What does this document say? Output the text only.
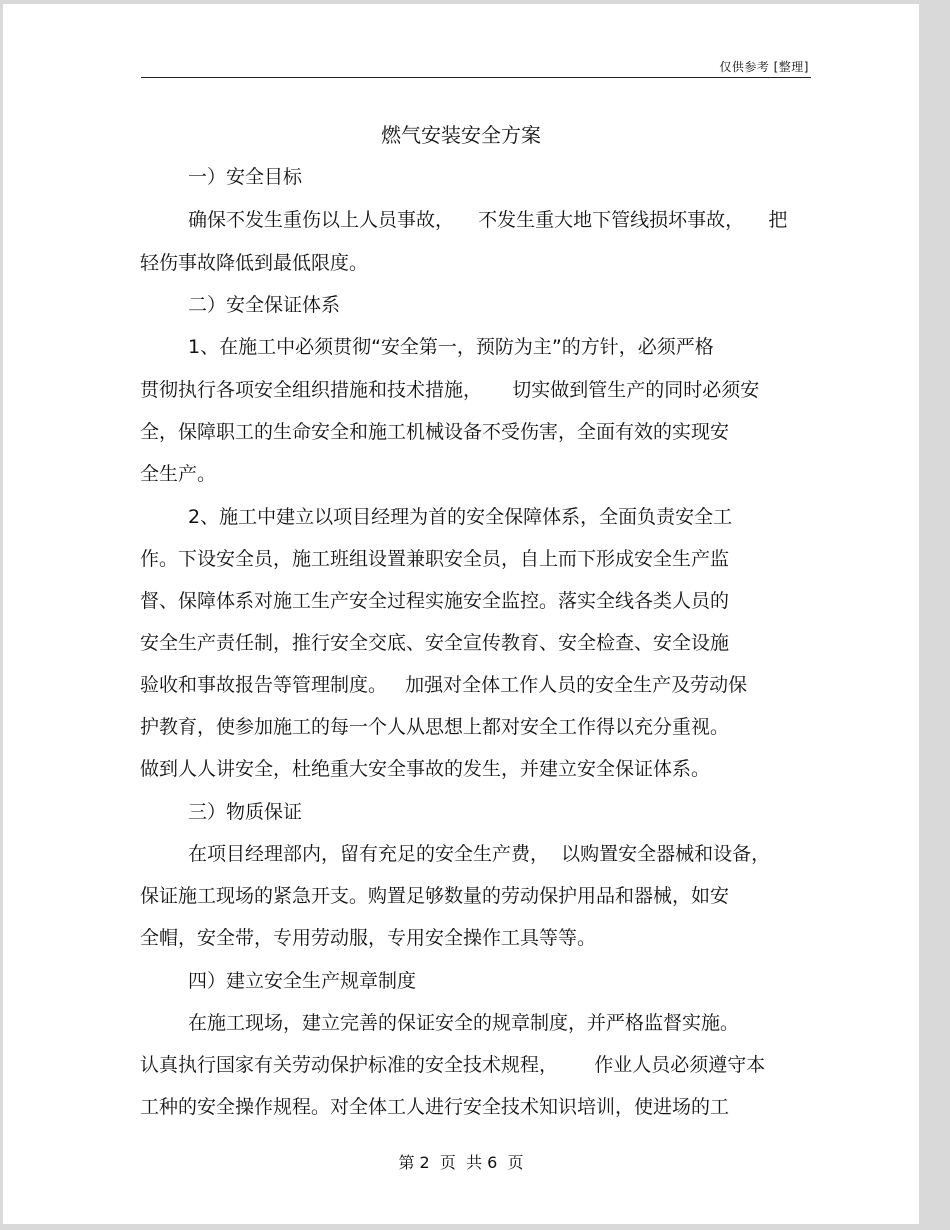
仅供参考 [整理]
燃气安装安全方案
一）安全目标
确保不发生重伤以上人员事故，    不发生重大地下管线损坏事故，    把
轻伤事故降低到最低限度。
二）安全保证体系
1、在施工中必须贯彻“安全第一，预防为主”的方针，必须严格
贯彻执行各项安全组织措施和技术措施，     切实做到管生产的同时必须安
全，保障职工的生命安全和施工机械设备不受伤害，全面有效的实现安
全生产。
2、施工中建立以项目经理为首的安全保障体系，全面负责安全工
作。下设安全员，施工班组设置兼职安全员，自上而下形成安全生产监
督、保障体系对施工生产安全过程实施安全监控。落实全线各类人员的
安全生产责任制，推行安全交底、安全宣传教育、安全检查、安全设施
验收和事故报告等管理制度。   加强对全体工作人员的安全生产及劳动保
护教育，使参加施工的每一个人从思想上都对安全工作得以充分重视。
做到人人讲安全，杜绝重大安全事故的发生，并建立安全保证体系。
三）物质保证
在项目经理部内，留有充足的安全生产费，  以购置安全器械和设备，
保证施工现场的紧急开支。购置足够数量的劳动保护用品和器械，如安
全帽，安全带，专用劳动服，专用安全操作工具等等。
四）建立安全生产规章制度
在施工现场，建立完善的保证安全的规章制度，并严格监督实施。
认真执行国家有关劳动保护标准的安全技术规程，      作业人员必须遵守本
工种的安全操作规程。对全体工人进行安全技术知识培训，使进场的工
第 2  页  共 6  页
